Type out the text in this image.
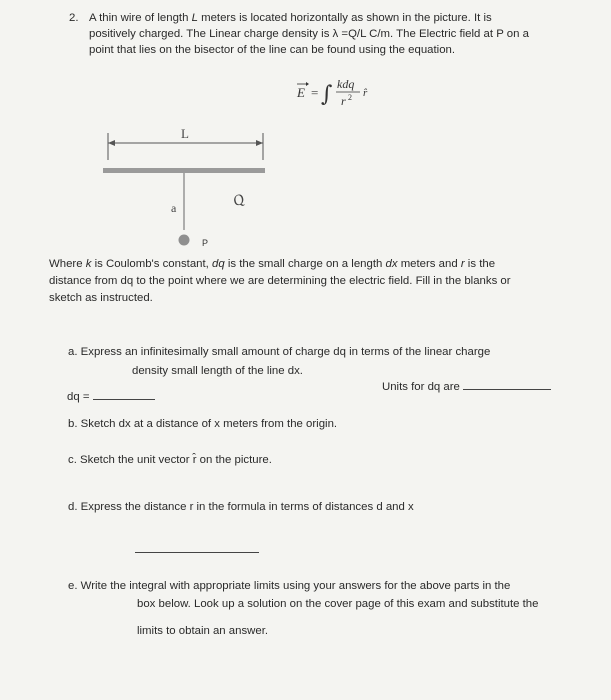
2. A thin wire of length L meters is located horizontally as shown in the picture. It is
positively charged. The Linear charge density is λ =Q/L C/m. The Electric field at P on a
point that lies on the bisector of the line can be found using the equation.
E = ∫ kdq
r 2 r̂
L
a
P
Q
Where k is Coulomb's constant, dq is the small charge on a length dx meters and r is the
distance from dq to the point where we are determining the electric field. Fill in the blanks or
sketch as instructed.
a. Express an infinitesimally small amount of charge dq in terms of the linear charge
density small length of the line dx.
Units for dq are
dq =
b. Sketch dx at a distance of x meters from the origin.
c. Sketch the unit vector r̂ on the picture.
d. Express the distance r in the formula in terms of distances d and x
e. Write the integral with appropriate limits using your answers for the above parts in the
box below. Look up a solution on the cover page of this exam and substitute the
limits to obtain an answer.
